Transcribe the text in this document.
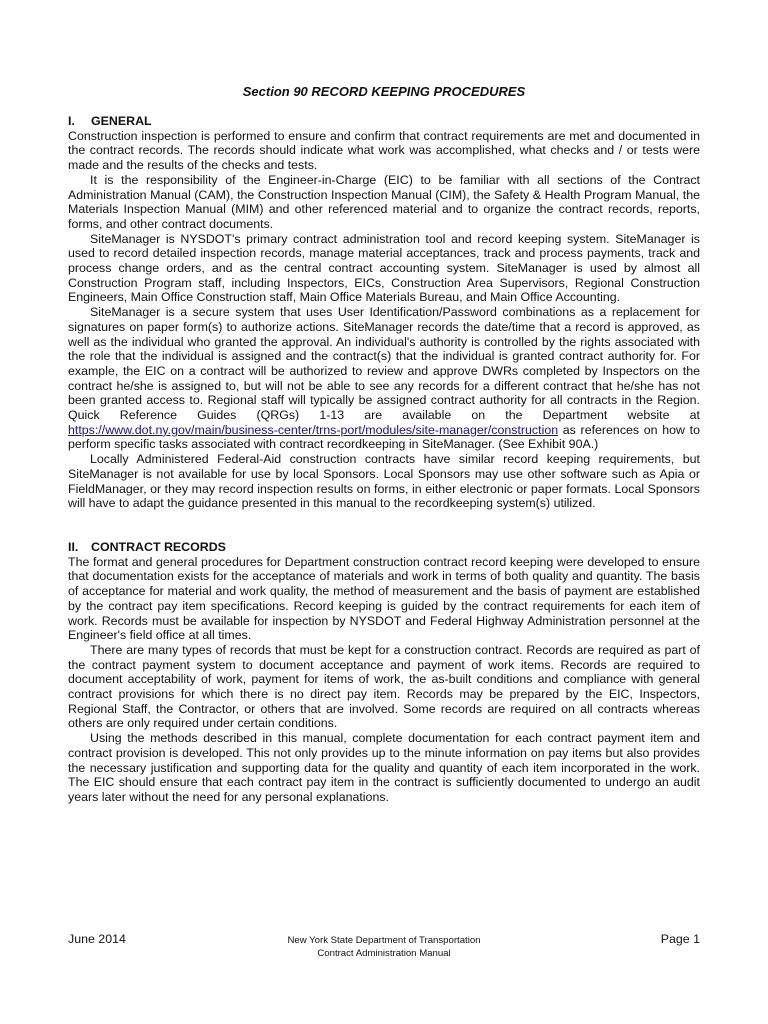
Section 90 RECORD KEEPING PROCEDURES

I. GENERAL

Construction inspection is performed to ensure and confirm that contract requirements are met and documented in the contract records. The records should indicate what work was accomplished, what checks and / or tests were made and the results of the checks and tests.

It is the responsibility of the Engineer-in-Charge (EIC) to be familiar with all sections of the Contract Administration Manual (CAM), the Construction Inspection Manual (CIM), the Safety & Health Program Manual, the Materials Inspection Manual (MIM) and other referenced material and to organize the contract records, reports, forms, and other contract documents.

SiteManager is NYSDOT's primary contract administration tool and record keeping system. SiteManager is used to record detailed inspection records, manage material acceptances, track and process payments, track and process change orders, and as the central contract accounting system. SiteManager is used by almost all Construction Program staff, including Inspectors, EICs, Construction Area Supervisors, Regional Construction Engineers, Main Office Construction staff, Main Office Materials Bureau, and Main Office Accounting.

SiteManager is a secure system that uses User Identification/Password combinations as a replacement for signatures on paper form(s) to authorize actions. SiteManager records the date/time that a record is approved, as well as the individual who granted the approval. An individual's authority is controlled by the rights associated with the role that the individual is assigned and the contract(s) that the individual is granted contract authority for. For example, the EIC on a contract will be authorized to review and approve DWRs completed by Inspectors on the contract he/she is assigned to, but will not be able to see any records for a different contract that he/she has not been granted access to. Regional staff will typically be assigned contract authority for all contracts in the Region. Quick Reference Guides (QRGs) 1-13 are available on the Department website at https://www.dot.ny.gov/main/business-center/trns-port/modules/site-manager/construction as references on how to perform specific tasks associated with contract recordkeeping in SiteManager. (See Exhibit 90A.)

Locally Administered Federal-Aid construction contracts have similar record keeping requirements, but SiteManager is not available for use by local Sponsors. Local Sponsors may use other software such as Apia or FieldManager, or they may record inspection results on forms, in either electronic or paper formats. Local Sponsors will have to adapt the guidance presented in this manual to the recordkeeping system(s) utilized.

II. CONTRACT RECORDS

The format and general procedures for Department construction contract record keeping were developed to ensure that documentation exists for the acceptance of materials and work in terms of both quality and quantity. The basis of acceptance for material and work quality, the method of measurement and the basis of payment are established by the contract pay item specifications. Record keeping is guided by the contract requirements for each item of work. Records must be available for inspection by NYSDOT and Federal Highway Administration personnel at the Engineer's field office at all times.

There are many types of records that must be kept for a construction contract. Records are required as part of the contract payment system to document acceptance and payment of work items. Records are required to document acceptability of work, payment for items of work, the as-built conditions and compliance with general contract provisions for which there is no direct pay item. Records may be prepared by the EIC, Inspectors, Regional Staff, the Contractor, or others that are involved. Some records are required on all contracts whereas others are only required under certain conditions.

Using the methods described in this manual, complete documentation for each contract payment item and contract provision is developed. This not only provides up to the minute information on pay items but also provides the necessary justification and supporting data for the quality and quantity of each item incorporated in the work. The EIC should ensure that each contract pay item in the contract is sufficiently documented to undergo an audit years later without the need for any personal explanations.

June 2014	New York State Department of Transportation
Contract Administration Manual
Page 1
